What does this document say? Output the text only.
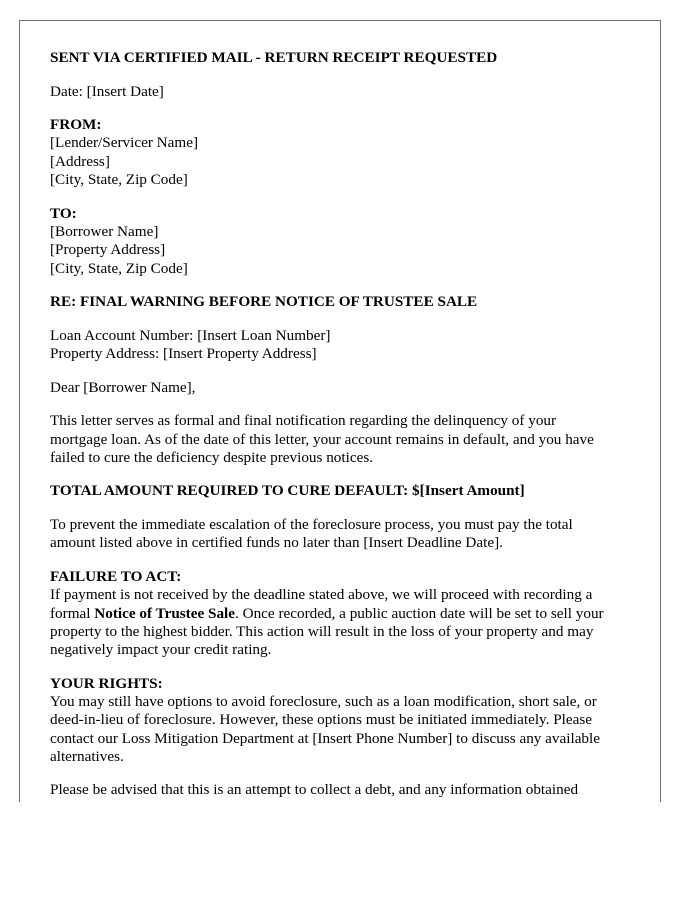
SENT VIA CERTIFIED MAIL - RETURN RECEIPT REQUESTED
Date: [Insert Date]
FROM:
[Lender/Servicer Name]
[Address]
[City, State, Zip Code]
TO:
[Borrower Name]
[Property Address]
[City, State, Zip Code]
RE: FINAL WARNING BEFORE NOTICE OF TRUSTEE SALE
Loan Account Number: [Insert Loan Number]
Property Address: [Insert Property Address]
Dear [Borrower Name],
This letter serves as formal and final notification regarding the delinquency of your
mortgage loan. As of the date of this letter, your account remains in default, and you have
failed to cure the deficiency despite previous notices.
TOTAL AMOUNT REQUIRED TO CURE DEFAULT: $[Insert Amount]
To prevent the immediate escalation of the foreclosure process, you must pay the total
amount listed above in certified funds no later than [Insert Deadline Date].
FAILURE TO ACT:
If payment is not received by the deadline stated above, we will proceed with recording a
formal Notice of Trustee Sale. Once recorded, a public auction date will be set to sell your
property to the highest bidder. This action will result in the loss of your property and may
negatively impact your credit rating.
YOUR RIGHTS:
You may still have options to avoid foreclosure, such as a loan modification, short sale, or
deed-in-lieu of foreclosure. However, these options must be initiated immediately. Please
contact our Loss Mitigation Department at [Insert Phone Number] to discuss any available
alternatives.
Please be advised that this is an attempt to collect a debt, and any information obtained
